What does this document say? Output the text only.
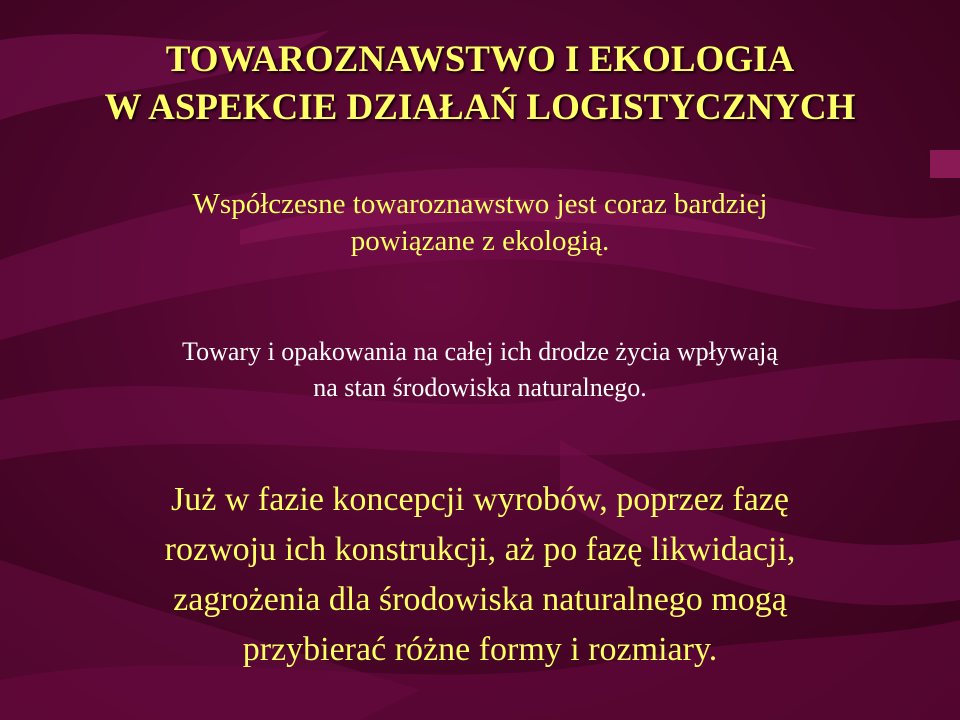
TOWAROZNAWSTWO I EKOLOGIA
W ASPEKCIE DZIAŁAŃ LOGISTYCZNYCH
Współczesne towaroznawstwo jest coraz bardziej
powiązane z ekologią.
Towary i opakowania na całej ich drodze życia wpływają
na stan środowiska naturalnego.
Już w fazie koncepcji wyrobów, poprzez fazę
rozwoju ich konstrukcji, aż po fazę likwidacji,
zagrożenia dla środowiska naturalnego mogą
przybierać różne formy i rozmiary.
